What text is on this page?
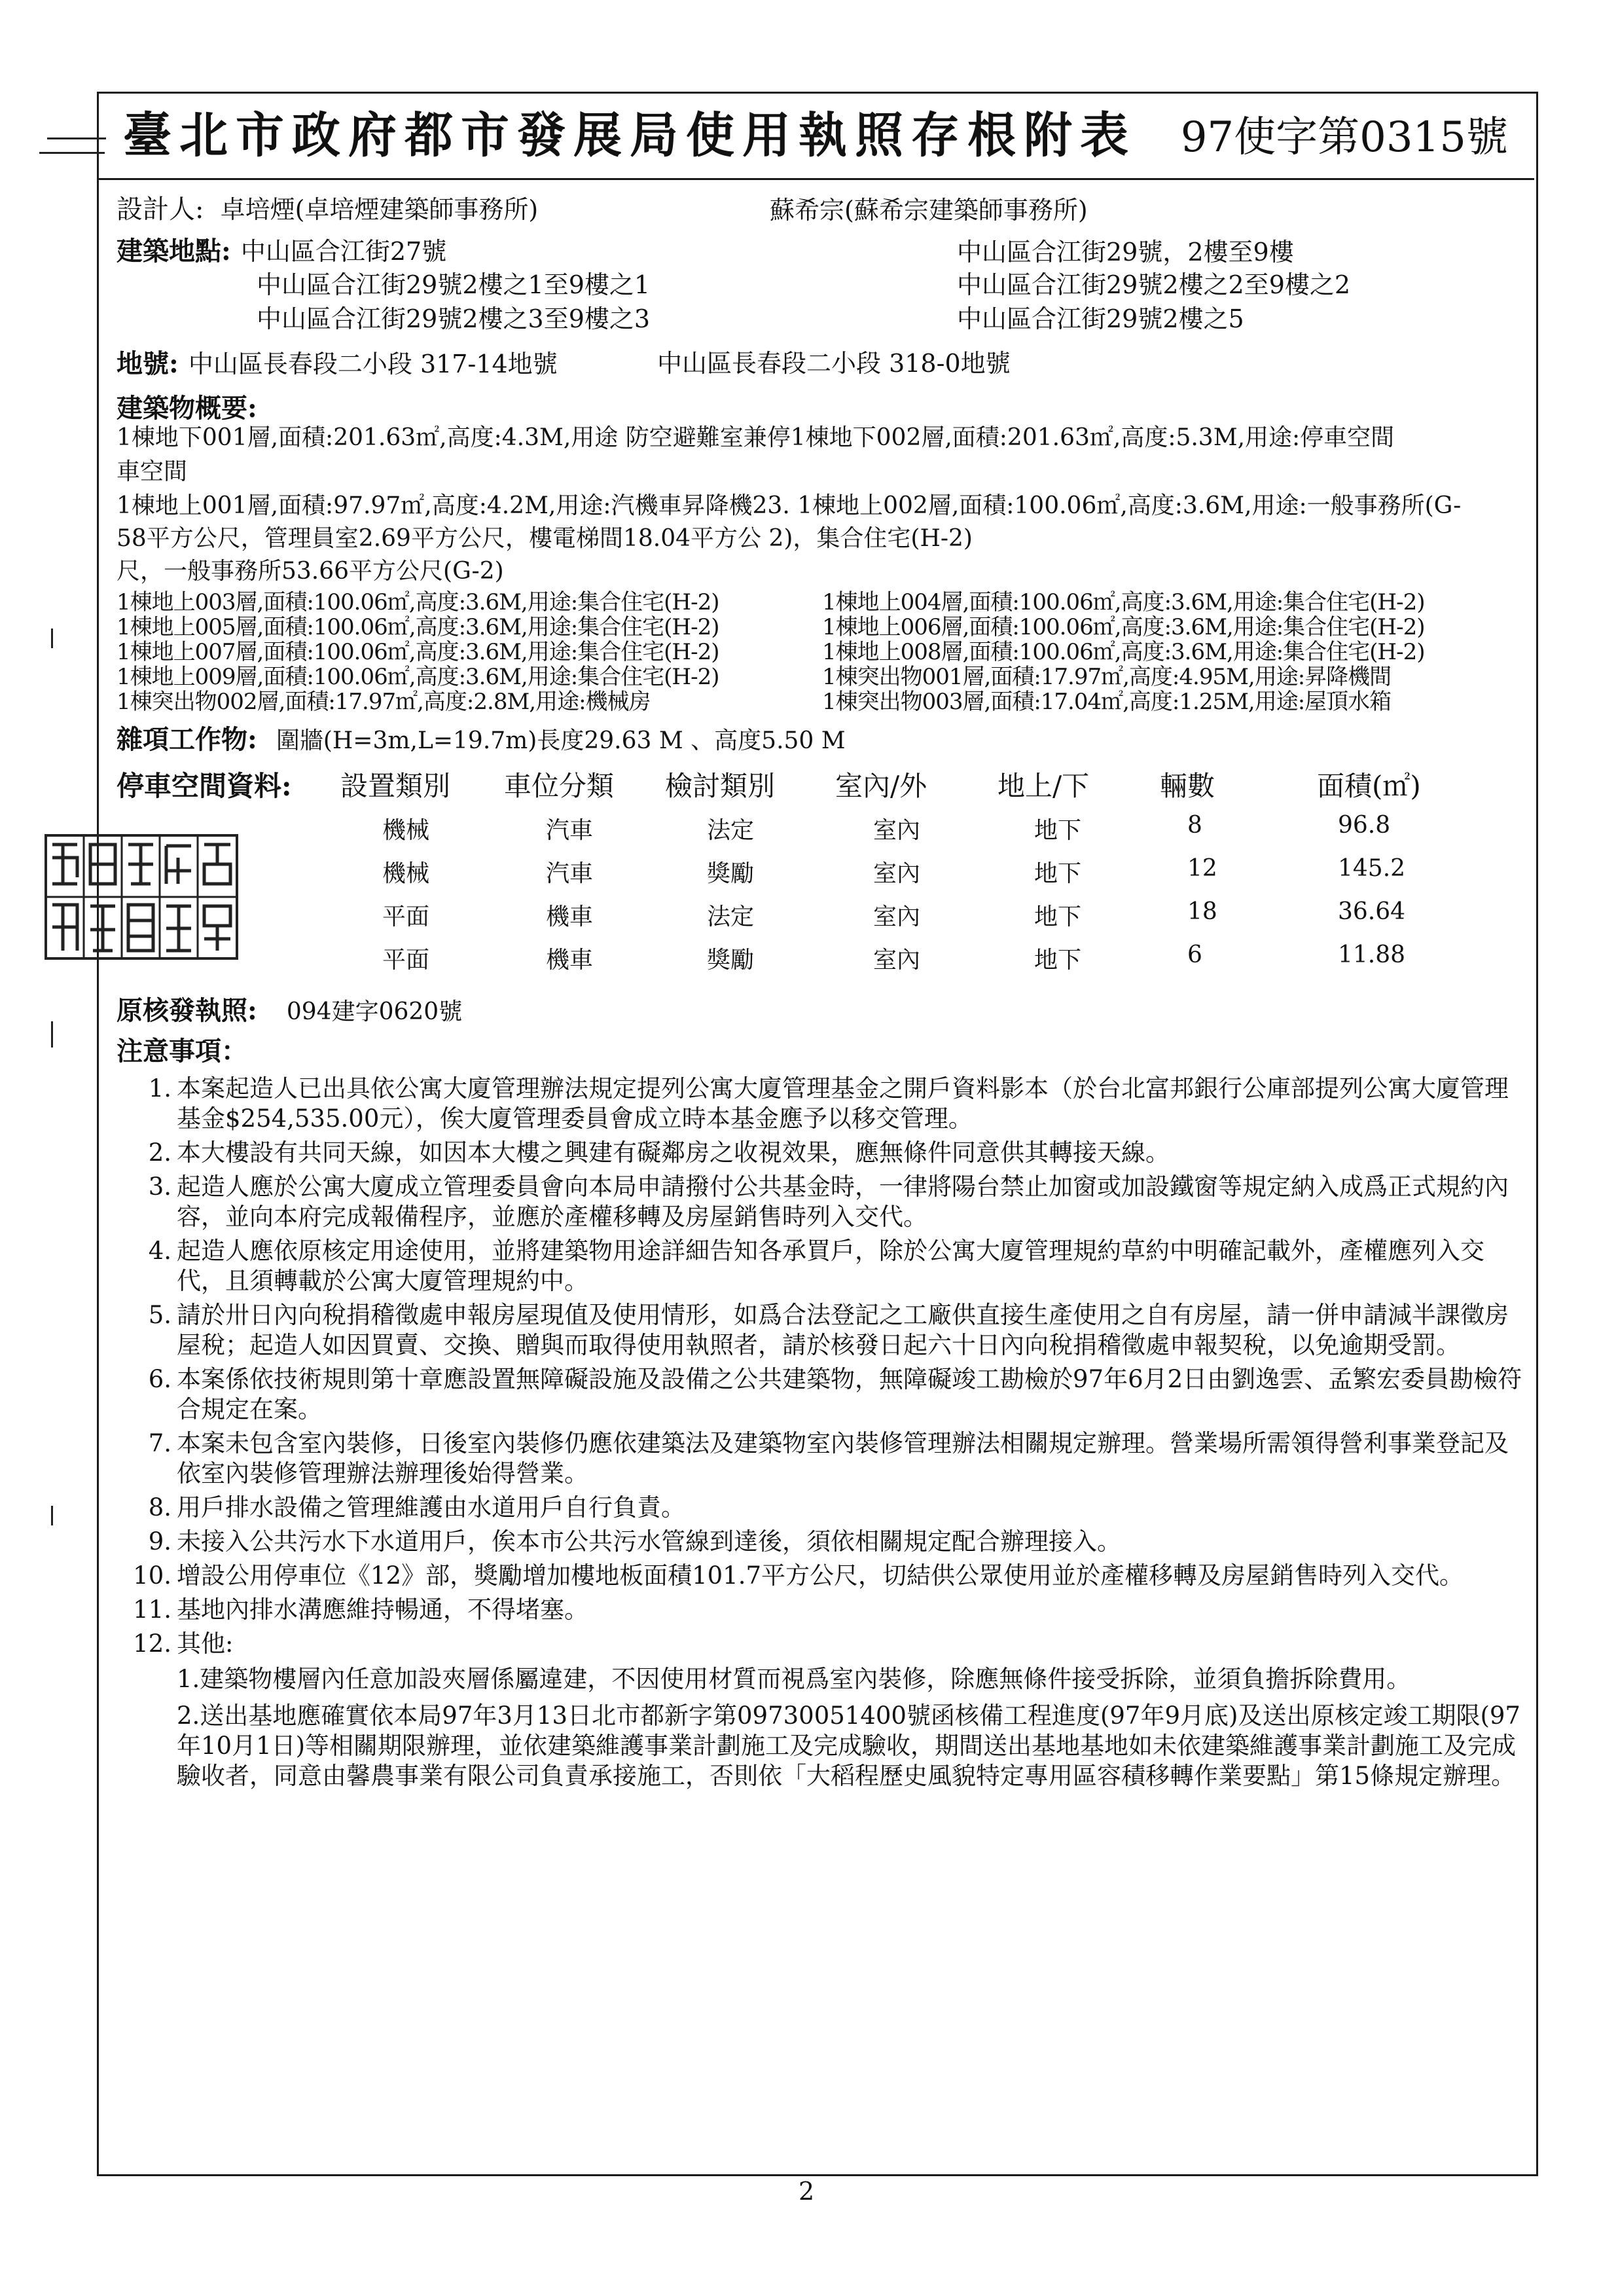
臺北市政府都市發展局使用執照存根附表 97使字第0315號
設計人: 卓培煙(卓培煙建築師事務所)	蘇希宗(蘇希宗建築師事務所)
建築地點: 中山區合江街27號	中山區合江街29號，2樓至9樓
中山區合江街29號2樓之1至9樓之1	中山區合江街29號2樓之2至9樓之2
中山區合江街29號2樓之3至9樓之3	中山區合江街29號2樓之5
地號: 中山區長春段二小段 317-14地號	中山區長春段二小段 318-0地號
建築物概要:
1棟地下001層,面積:201.63㎡,高度:4.3M,用途 防空避難室兼停1棟地下002層,面積:201.63㎡,高度:5.3M,用途:停車空間
車空間
1棟地上001層,面積:97.97㎡,高度:4.2M,用途:汽機車昇降機23. 1棟地上002層,面積:100.06㎡,高度:3.6M,用途:一般事務所(G-
58平方公尺，管理員室2.69平方公尺，樓電梯間18.04平方公 2)，集合住宅(H-2)
尺，一般事務所53.66平方公尺(G-2)
1棟地上003層,面積:100.06㎡,高度:3.6M,用途:集合住宅(H-2)	1棟地上004層,面積:100.06㎡,高度:3.6M,用途:集合住宅(H-2)
1棟地上005層,面積:100.06㎡,高度:3.6M,用途:集合住宅(H-2)	1棟地上006層,面積:100.06㎡,高度:3.6M,用途:集合住宅(H-2)
1棟地上007層,面積:100.06㎡,高度:3.6M,用途:集合住宅(H-2)	1棟地上008層,面積:100.06㎡,高度:3.6M,用途:集合住宅(H-2)
1棟地上009層,面積:100.06㎡,高度:3.6M,用途:集合住宅(H-2)	1棟突出物001層,面積:17.97㎡,高度:4.95M,用途:昇降機間
1棟突出物002層,面積:17.97㎡,高度:2.8M,用途:機械房	1棟突出物003層,面積:17.04㎡,高度:1.25M,用途:屋頂水箱
雜項工作物: 圍牆(H=3m,L=19.7m)長度29.63 M 、高度5.50 M
停車空間資料: 設置類別 車位分類 檢討類別 室內/外	地上/下	輛數	面積(㎡)
機械	汽車	法定	室內	地下	8	96.8
機械	汽車	獎勵	室內	地下	12	145.2
平面	機車	法定	室內	地下	18	36.64
平面	機車	獎勵	室內	地下	6	11.88
原核發執照: 094建字0620號
注意事項：
1. 本案起造人已出具依公寓大廈管理辦法規定提列公寓大廈管理基金之開戶資料影本（於台北富邦銀行公庫部提列公寓大廈管理基金$254,535.00元），俟大廈管理委員會成立時本基金應予以移交管理。
2. 本大樓設有共同天線，如因本大樓之興建有礙鄰房之收視效果，應無條件同意供其轉接天線。
3. 起造人應於公寓大廈成立管理委員會向本局申請撥付公共基金時，一律將陽台禁止加窗或加設鐵窗等規定納入成爲正式規約內容，並向本府完成報備程序，並應於產權移轉及房屋銷售時列入交代。
4. 起造人應依原核定用途使用，並將建築物用途詳細告知各承買戶，除於公寓大廈管理規約草約中明確記載外，產權應列入交代，且須轉載於公寓大廈管理規約中。
5. 請於卅日內向稅捐稽徵處申報房屋現值及使用情形，如爲合法登記之工廠供直接生產使用之自有房屋，請一併申請減半課徵房屋稅；起造人如因買賣、交換、贈與而取得使用執照者，請於核發日起六十日內向稅捐稽徵處申報契稅，以免逾期受罰。
6. 本案係依技術規則第十章應設置無障礙設施及設備之公共建築物，無障礙竣工勘檢於97年6月2日由劉逸雲、孟繁宏委員勘檢符合規定在案。
7. 本案未包含室內裝修，日後室內裝修仍應依建築法及建築物室內裝修管理辦法相關規定辦理。營業場所需領得營利事業登記及依室內裝修管理辦法辦理後始得營業。
8. 用戶排水設備之管理維護由水道用戶自行負責。
9. 未接入公共污水下水道用戶，俟本市公共污水管線到達後，須依相關規定配合辦理接入。
10. 增設公用停車位《12》部，獎勵增加樓地板面積101.7平方公尺，切結供公眾使用並於產權移轉及房屋銷售時列入交代。
11. 基地內排水溝應維持暢通，不得堵塞。
12. 其他:
1.建築物樓層內任意加設夾層係屬違建，不因使用材質而視爲室內裝修，除應無條件接受拆除，並須負擔拆除費用。
2.送出基地應確實依本局97年3月13日北市都新字第09730051400號函核備工程進度(97年9月底)及送出原核定竣工期限(97年10月1日)等相關期限辦理，並依建築維護事業計劃施工及完成驗收，期間送出基地基地如未依建築維護事業計劃施工及完成驗收者，同意由馨農事業有限公司負責承接施工，否則依「大稻程歷史風貌特定專用區容積移轉作業要點」第15條規定辦理。
2
